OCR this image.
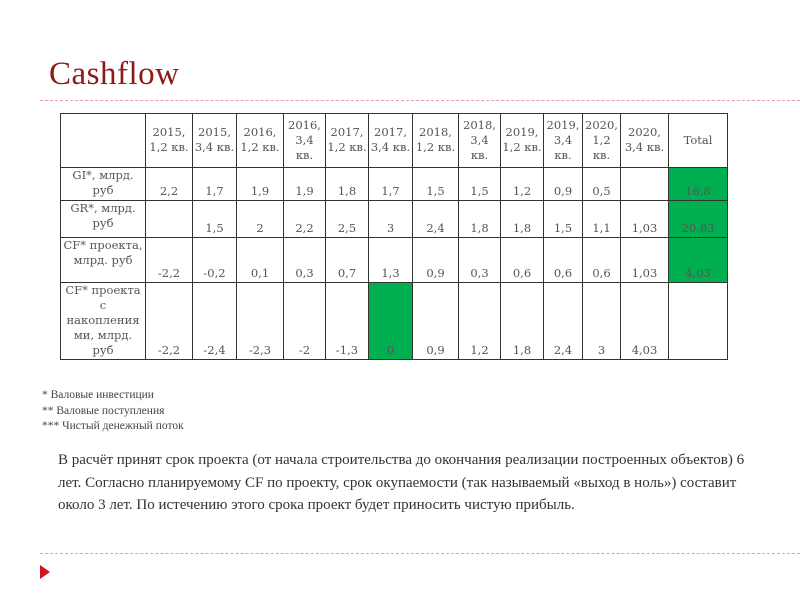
Cashflow
	2015, 1,2 кв.	2015, 3,4 кв.	2016, 1,2 кв.	2016, 3,4 кв.	2017, 1,2 кв.	2017, 3,4 кв.	2018, 1,2 кв.	2018, 3,4 кв.	2019, 1,2 кв.	2019, 3,4 кв.	2020, 1,2 кв.	2020, 3,4 кв.	Total
GI*, млрд. руб	2,2	1,7	1,9	1,9	1,8	1,7	1,5	1,5	1,2	0,9	0,5		16,8
GR*, млрд. руб		1,5	2	2,2	2,5	3	2,4	1,8	1,8	1,5	1,1	1,03	20,83
CF* проекта, млрд. руб	-2,2	-0,2	0,1	0,3	0,7	1,3	0,9	0,3	0,6	0,6	0,6	1,03	4,03
CF* проекта с накопления ми, млрд. руб	-2,2	-2,4	-2,3	-2	-1,3	0	0,9	1,2	1,8	2,4	3	4,03	
* Валовые инвестиции
** Валовые поступления
*** Чистый денежный поток
В расчёт принят срок проекта (от начала строительства до окончания реализации построенных объектов) 6 лет. Согласно планируемому CF по проекту, срок окупаемости (так называемый «выход в ноль») составит около 3 лет. По истечению этого срока проект будет приносить чистую прибыль.
